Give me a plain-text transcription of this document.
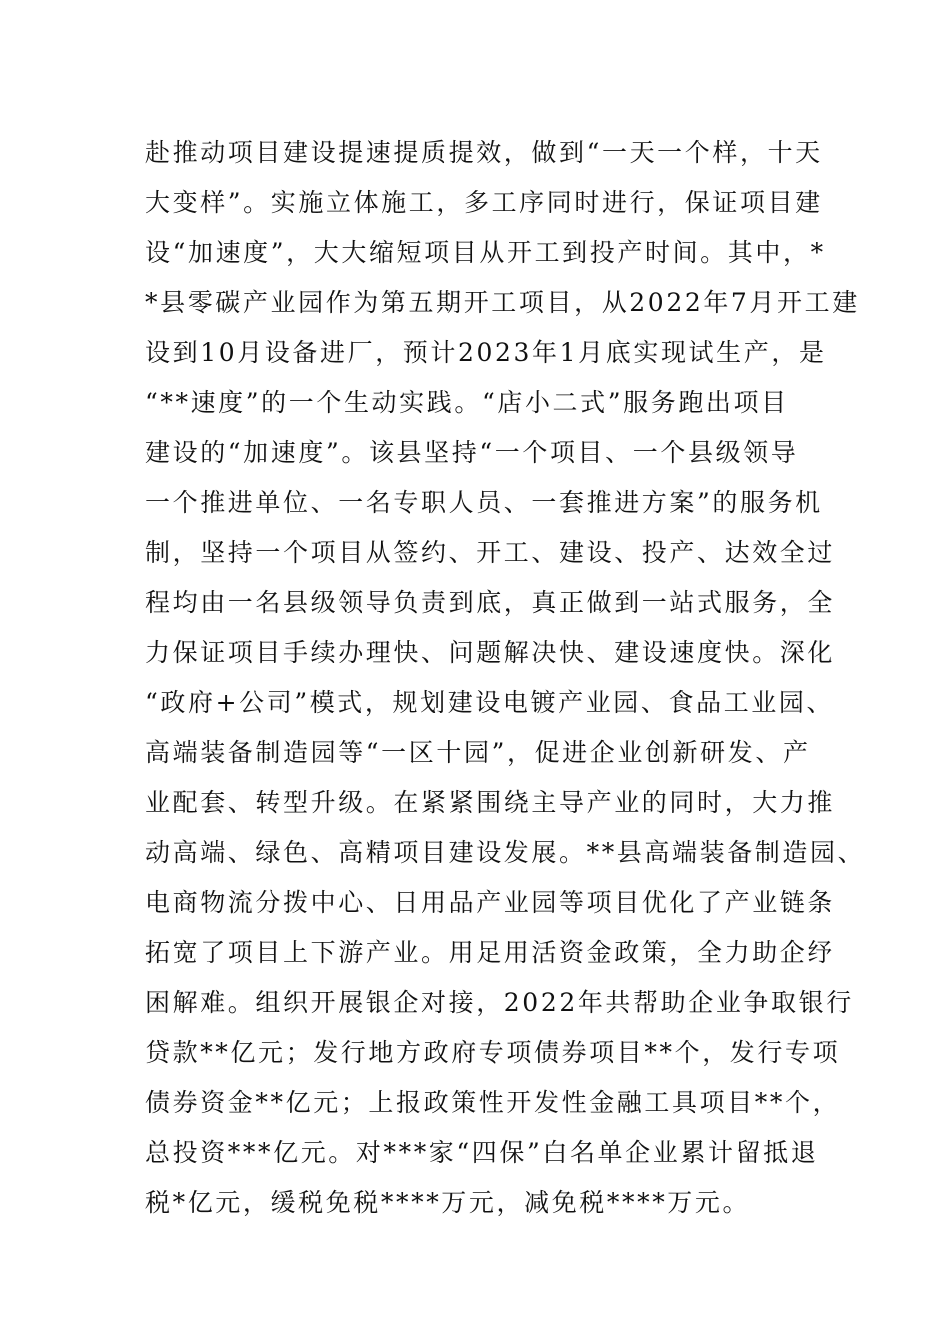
赴推动项目建设提速提质提效，做到“一天一个样，十天
大变样”。实施立体施工，多工序同时进行，保证项目建
设“加速度”，大大缩短项目从开工到投产时间。其中，*
*县零碳产业园作为第五期开工项目，从2022年7月开工建
设到10月设备进厂，预计2023年1月底实现试生产，是
“**速度”的一个生动实践。“店小二式”服务跑出项目
建设的“加速度”。该县坚持“一个项目、一个县级领导
一个推进单位、一名专职人员、一套推进方案”的服务机
制，坚持一个项目从签约、开工、建设、投产、达效全过
程均由一名县级领导负责到底，真正做到一站式服务，全
力保证项目手续办理快、问题解决快、建设速度快。深化
“政府+公司”模式，规划建设电镀产业园、食品工业园、
高端装备制造园等“一区十园”，促进企业创新研发、产
业配套、转型升级。在紧紧围绕主导产业的同时，大力推
动高端、绿色、高精项目建设发展。**县高端装备制造园、
电商物流分拨中心、日用品产业园等项目优化了产业链条
拓宽了项目上下游产业。用足用活资金政策，全力助企纾
困解难。组织开展银企对接，2022年共帮助企业争取银行
贷款**亿元；发行地方政府专项债券项目**个，发行专项
债券资金**亿元；上报政策性开发性金融工具项目**个，
总投资***亿元。对***家“四保”白名单企业累计留抵退
税*亿元，缓税免税****万元，减免税****万元。
